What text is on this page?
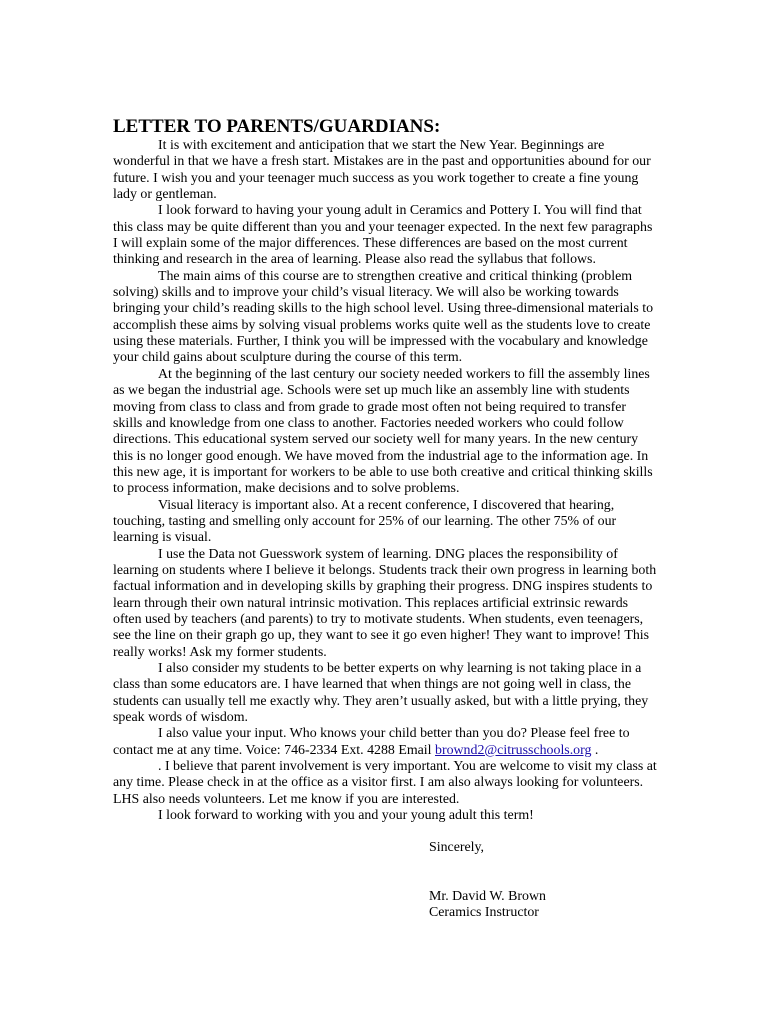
LETTER TO PARENTS/GUARDIANS:

It is with excitement and anticipation that we start the New Year. Beginnings are wonderful in that we have a fresh start. Mistakes are in the past and opportunities abound for our future. I wish you and your teenager much success as you work together to create a fine young lady or gentleman.

I look forward to having your young adult in Ceramics and Pottery I. You will find that this class may be quite different than you and your teenager expected. In the next few paragraphs I will explain some of the major differences. These differences are based on the most current thinking and research in the area of learning. Please also read the syllabus that follows.

The main aims of this course are to strengthen creative and critical thinking (problem solving) skills and to improve your child’s visual literacy. We will also be working towards bringing your child’s reading skills to the high school level. Using three-dimensional materials to accomplish these aims by solving visual problems works quite well as the students love to create using these materials. Further, I think you will be impressed with the vocabulary and knowledge your child gains about sculpture during the course of this term.

At the beginning of the last century our society needed workers to fill the assembly lines as we began the industrial age. Schools were set up much like an assembly line with students moving from class to class and from grade to grade most often not being required to transfer skills and knowledge from one class to another. Factories needed workers who could follow directions. This educational system served our society well for many years. In the new century this is no longer good enough. We have moved from the industrial age to the information age. In this new age, it is important for workers to be able to use both creative and critical thinking skills to process information, make decisions and to solve problems.

Visual literacy is important also. At a recent conference, I discovered that hearing, touching, tasting and smelling only account for 25% of our learning. The other 75% of our learning is visual.

I use the Data not Guesswork system of learning. DNG places the responsibility of learning on students where I believe it belongs. Students track their own progress in learning both factual information and in developing skills by graphing their progress. DNG inspires students to learn through their own natural intrinsic motivation. This replaces artificial extrinsic rewards often used by teachers (and parents) to try to motivate students. When students, even teenagers, see the line on their graph go up, they want to see it go even higher! They want to improve! This really works! Ask my former students.

I also consider my students to be better experts on why learning is not taking place in a class than some educators are. I have learned that when things are not going well in class, the students can usually tell me exactly why. They aren’t usually asked, but with a little prying, they speak words of wisdom.

I also value your input. Who knows your child better than you do? Please feel free to contact me at any time. Voice: 746-2334 Ext. 4288 Email brownd2@citrusschools.org .

. I believe that parent involvement is very important. You are welcome to visit my class at any time. Please check in at the office as a visitor first. I am also always looking for volunteers. LHS also needs volunteers. Let me know if you are interested.

I look forward to working with you and your young adult this term!

Sincerely,
Mr. David W. Brown
Ceramics Instructor
